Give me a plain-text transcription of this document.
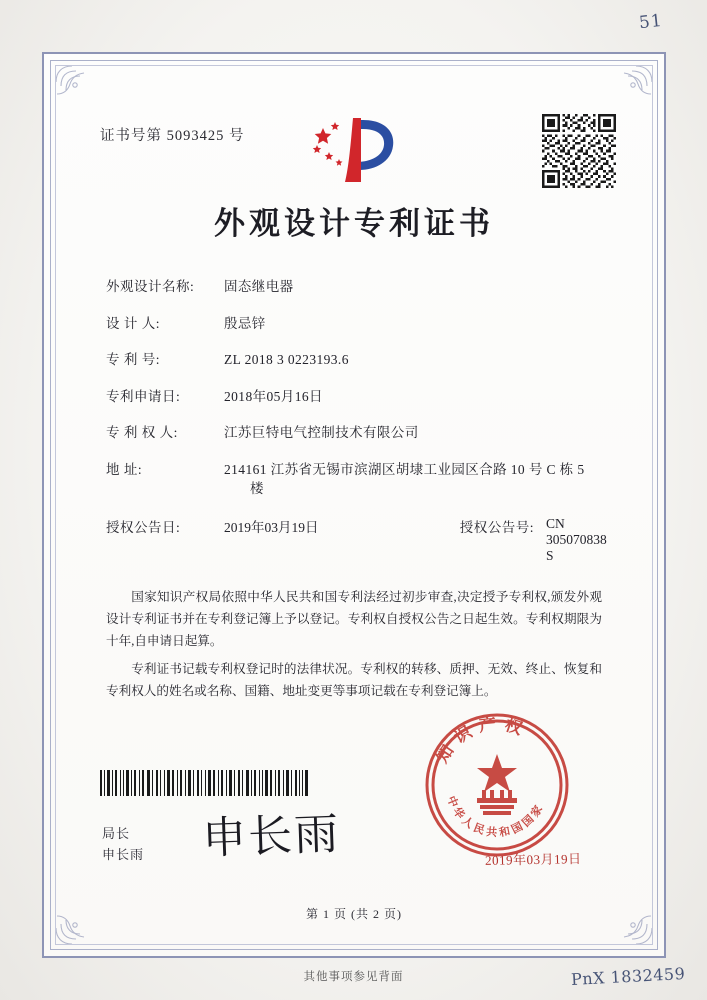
51
证书号第 5093425 号
外观设计专利证书
外观设计名称:	固态继电器
设 计 人:	殷忌锌
专 利 号:	ZL 2018 3 0223193.6
专利申请日:	2018年05月16日
专 利 权 人:	江苏巨特电气控制技术有限公司
地 址:	214161 江苏省无锡市滨湖区胡埭工业园区合路 10 号 C 栋 5
楼
授权公告日:	2019年03月19日	授权公告号: CN 305070838 S

国家知识产权局依照中华人民共和国专利法经过初步审查,决定授予专利权,颁发外观设计专利证书并在专利登记簿上予以登记。专利权自授权公告之日起生效。专利权期限为十年,自申请日起算。

专利证书记载专利权登记时的法律状况。专利权的转移、质押、无效、终止、恢复和专利权人的姓名或名称、国籍、地址变更等事项记载在专利登记簿上。

局长
申长雨 申长雨
知识产权
中华人民共和国国家
2019年03月19日
第 1 页 (共 2 页)
其他事项参见背面	PnX 1832459
